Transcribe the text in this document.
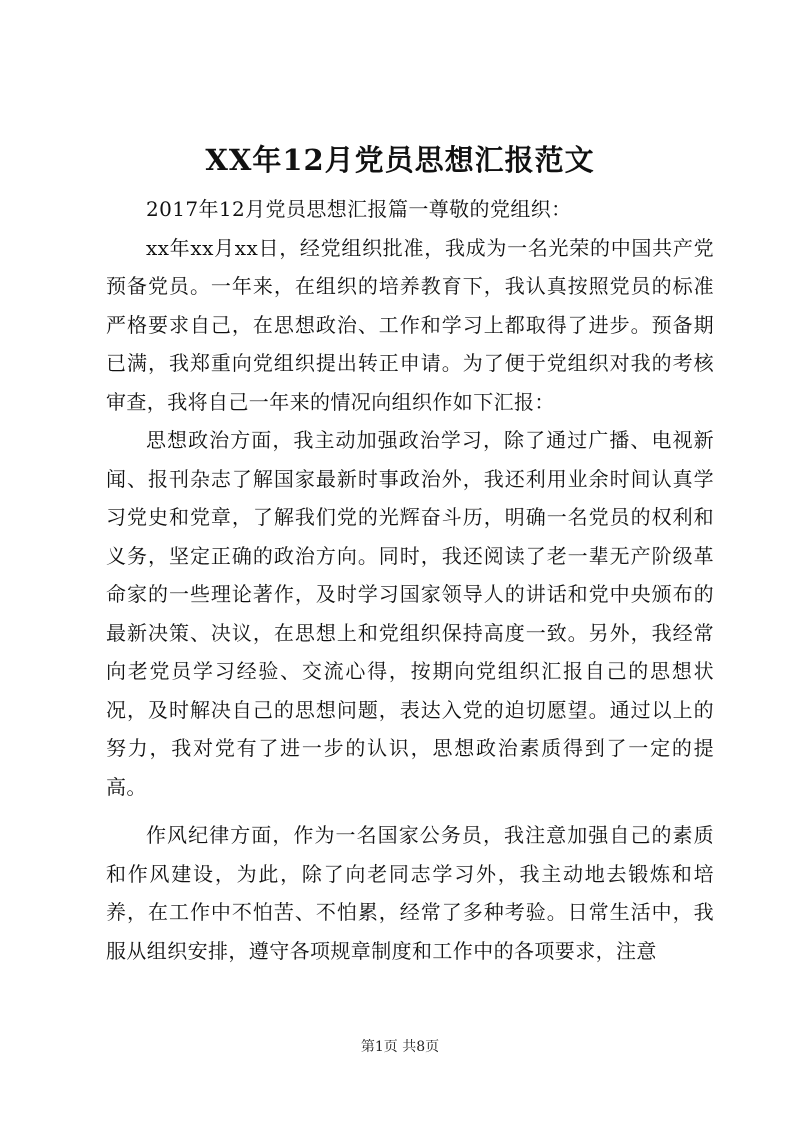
XX年12月党员思想汇报范文

2017年12月党员思想汇报篇一尊敬的党组织：

xx年xx月xx日，经党组织批准，我成为一名光荣的中国共产党预备党员。一年来，在组织的培养教育下，我认真按照党员的标准严格要求自己，在思想政治、工作和学习上都取得了进步。预备期已满，我郑重向党组织提出转正申请。为了便于党组织对我的考核审查，我将自己一年来的情况向组织作如下汇报：

思想政治方面，我主动加强政治学习，除了通过广播、电视新闻、报刊杂志了解国家最新时事政治外，我还利用业余时间认真学习党史和党章，了解我们党的光辉奋斗历，明确一名党员的权利和义务，坚定正确的政治方向。同时，我还阅读了老一辈无产阶级革命家的一些理论著作，及时学习国家领导人的讲话和党中央颁布的最新决策、决议，在思想上和党组织保持高度一致。另外，我经常向老党员学习经验、交流心得，按期向党组织汇报自己的思想状况，及时解决自己的思想问题，表达入党的迫切愿望。通过以上的努力，我对党有了进一步的认识，思想政治素质得到了一定的提高。

作风纪律方面，作为一名国家公务员，我注意加强自己的素质和作风建设，为此，除了向老同志学习外，我主动地去锻炼和培养，在工作中不怕苦、不怕累，经常了多种考验。日常生活中，我服从组织安排，遵守各项规章制度和工作中的各项要求，注意

第1页 共8页
